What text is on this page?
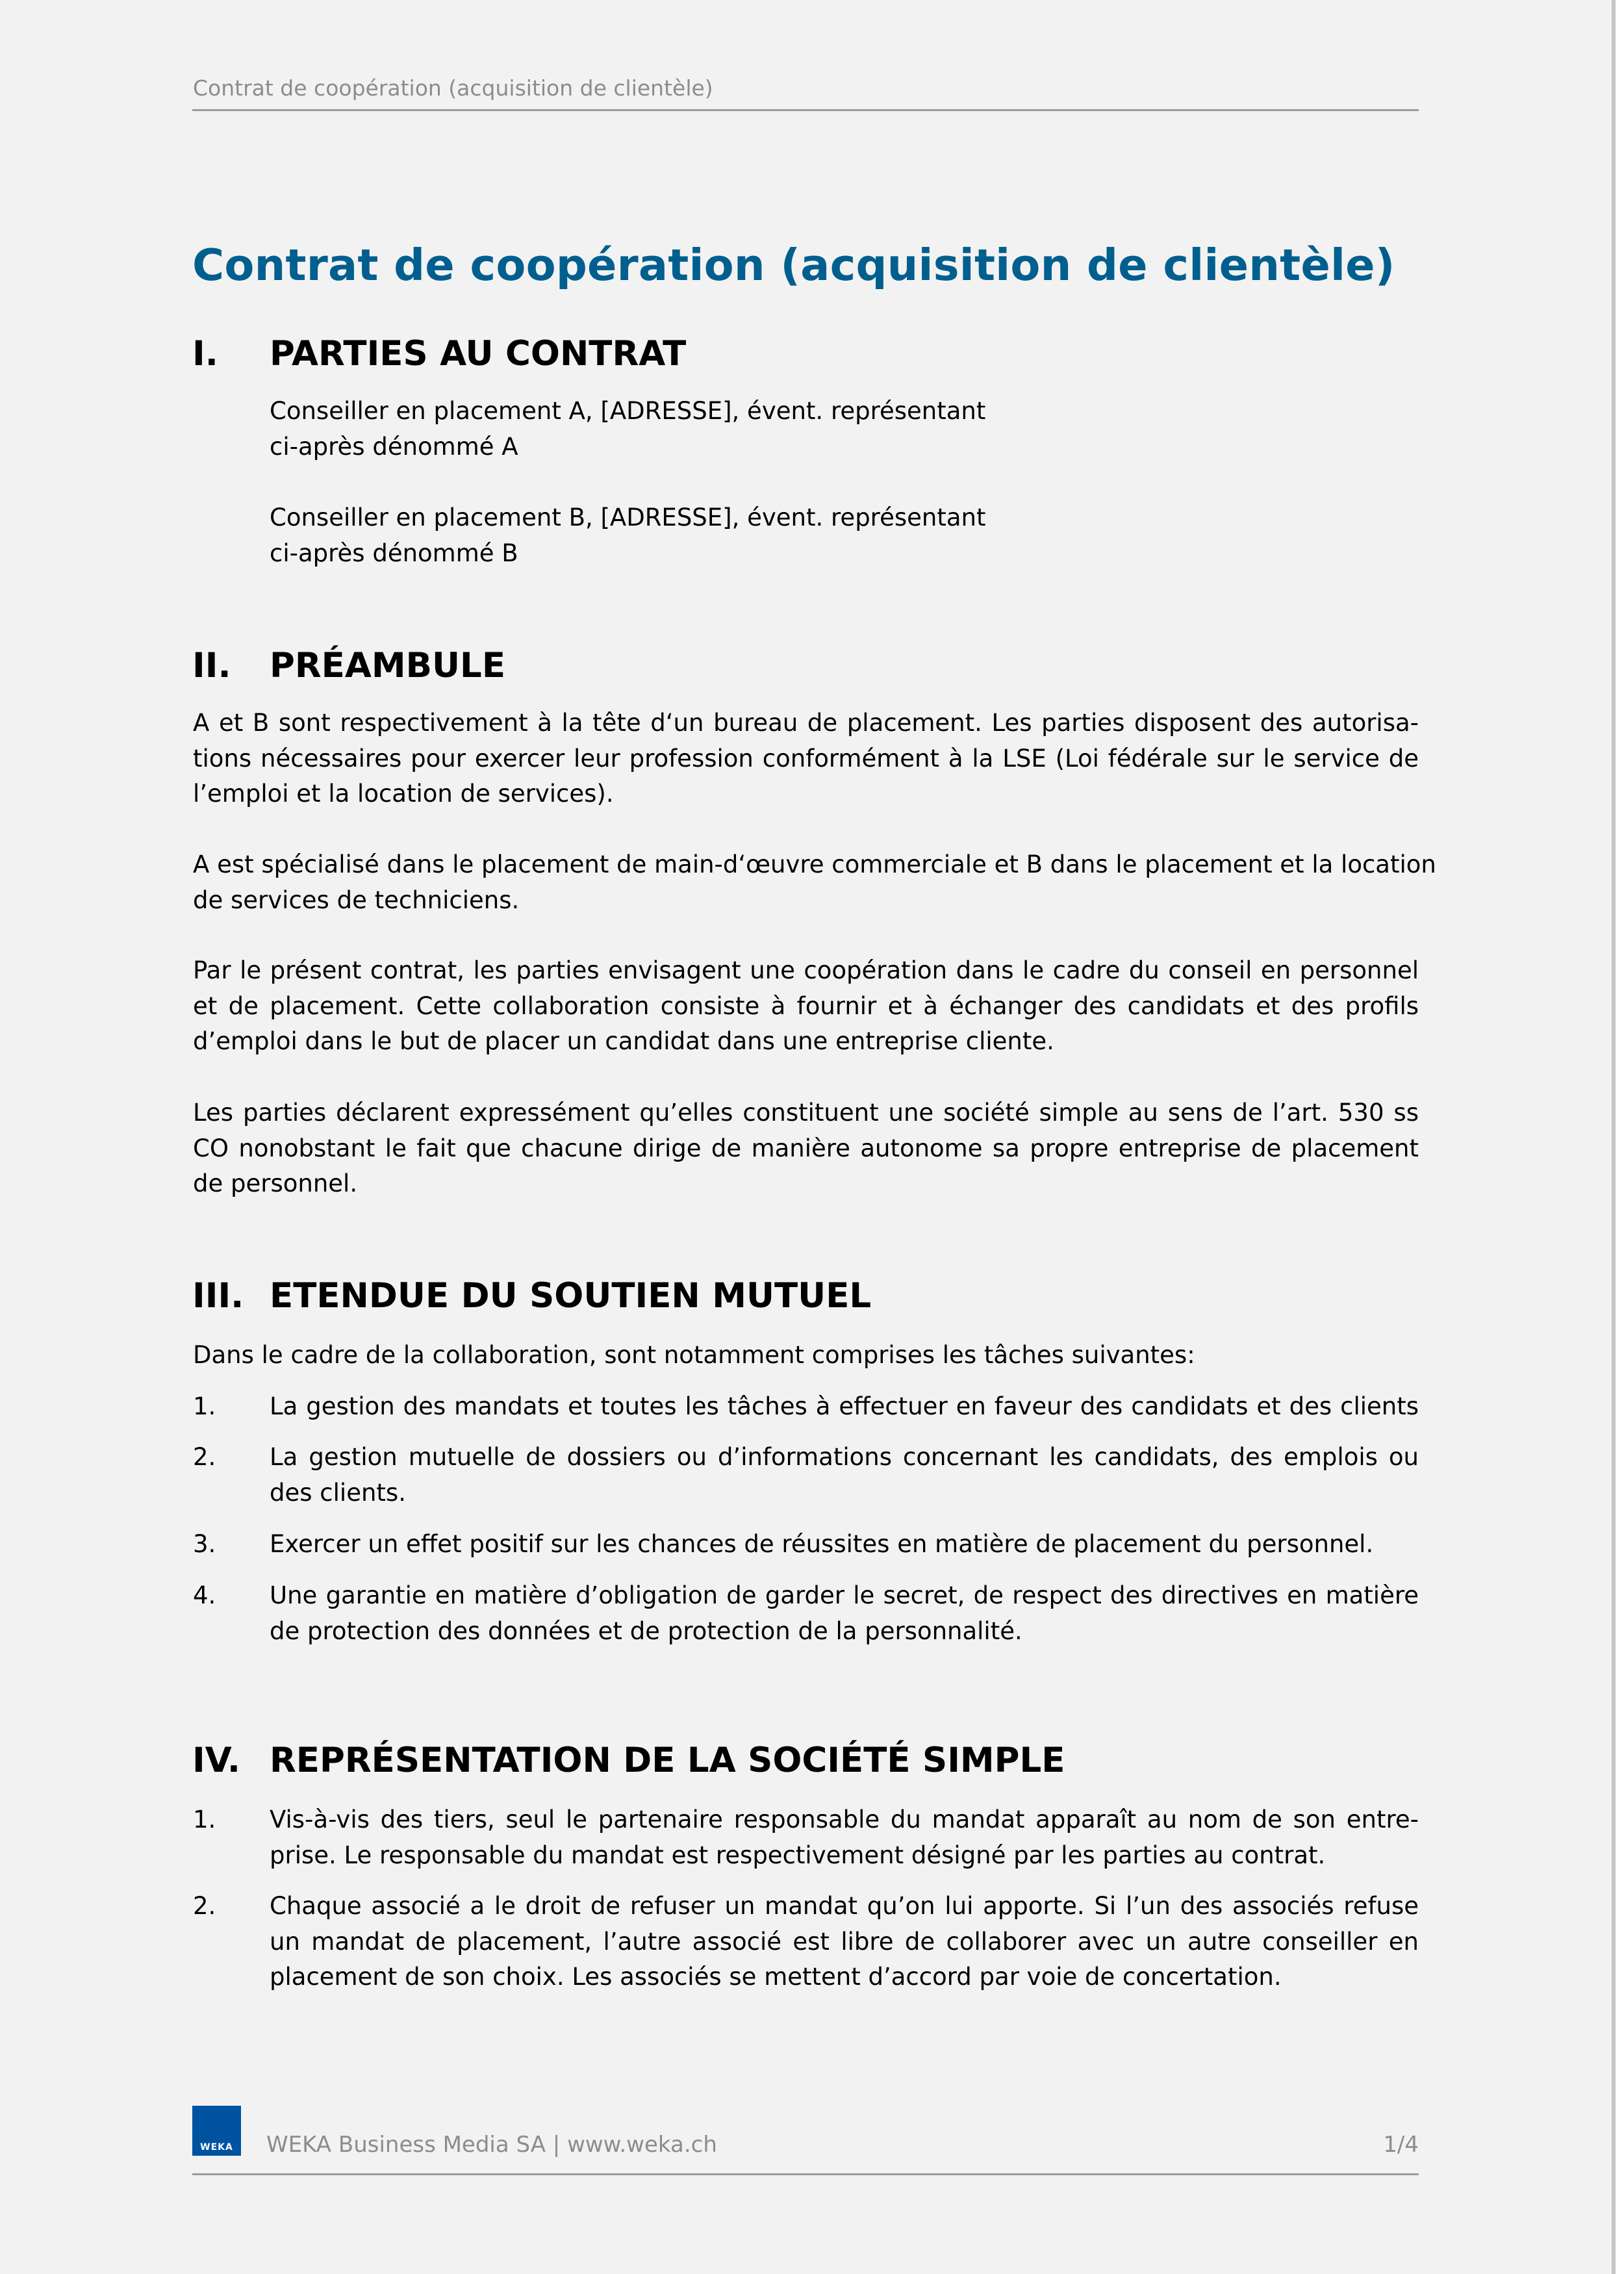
Contrat de coopération (acquisition de clientèle)
Contrat de coopération (acquisition de clientèle)
I. PARTIES AU CONTRAT
Conseiller en placement A, [ADRESSE], évent. représentant
ci-après dénommé A
Conseiller en placement B, [ADRESSE], évent. représentant
ci-après dénommé B
II. PRÉAMBULE
A et B sont respectivement à la tête d‘un bureau de placement. Les parties disposent des autorisa-
tions nécessaires pour exercer leur profession conformément à la LSE (Loi fédérale sur le service de
l’emploi et la location de services).
A est spécialisé dans le placement de main-d‘œuvre commerciale et B dans le placement et la location
de services de techniciens.
Par le présent contrat, les parties envisagent une coopération dans le cadre du conseil en personnel
et de placement. Cette collaboration consiste à fournir et à échanger des candidats et des profils
d’emploi dans le but de placer un candidat dans une entreprise cliente.
Les parties déclarent expressément qu’elles constituent une société simple au sens de l’art. 530 ss
CO nonobstant le fait que chacune dirige de manière autonome sa propre entreprise de placement
de personnel.
III. ETENDUE DU SOUTIEN MUTUEL
Dans le cadre de la collaboration, sont notamment comprises les tâches suivantes:
1. La gestion des mandats et toutes les tâches à effectuer en faveur des candidats et des clients
2. La gestion mutuelle de dossiers ou d’informations concernant les candidats, des emplois ou
des clients.
3. Exercer un effet positif sur les chances de réussites en matière de placement du personnel.
4. Une garantie en matière d’obligation de garder le secret, de respect des directives en matière
de protection des données et de protection de la personnalité.
IV. REPRÉSENTATION DE LA SOCIÉTÉ SIMPLE
1. Vis-à-vis des tiers, seul le partenaire responsable du mandat apparaît au nom de son entre-
prise. Le responsable du mandat est respectivement désigné par les parties au contrat.
2. Chaque associé a le droit de refuser un mandat qu’on lui apporte. Si l’un des associés refuse
un mandat de placement, l’autre associé est libre de collaborer avec un autre conseiller en
placement de son choix. Les associés se mettent d’accord par voie de concertation.
WEKA	WEKA Business Media SA | www.weka.ch	1/4
